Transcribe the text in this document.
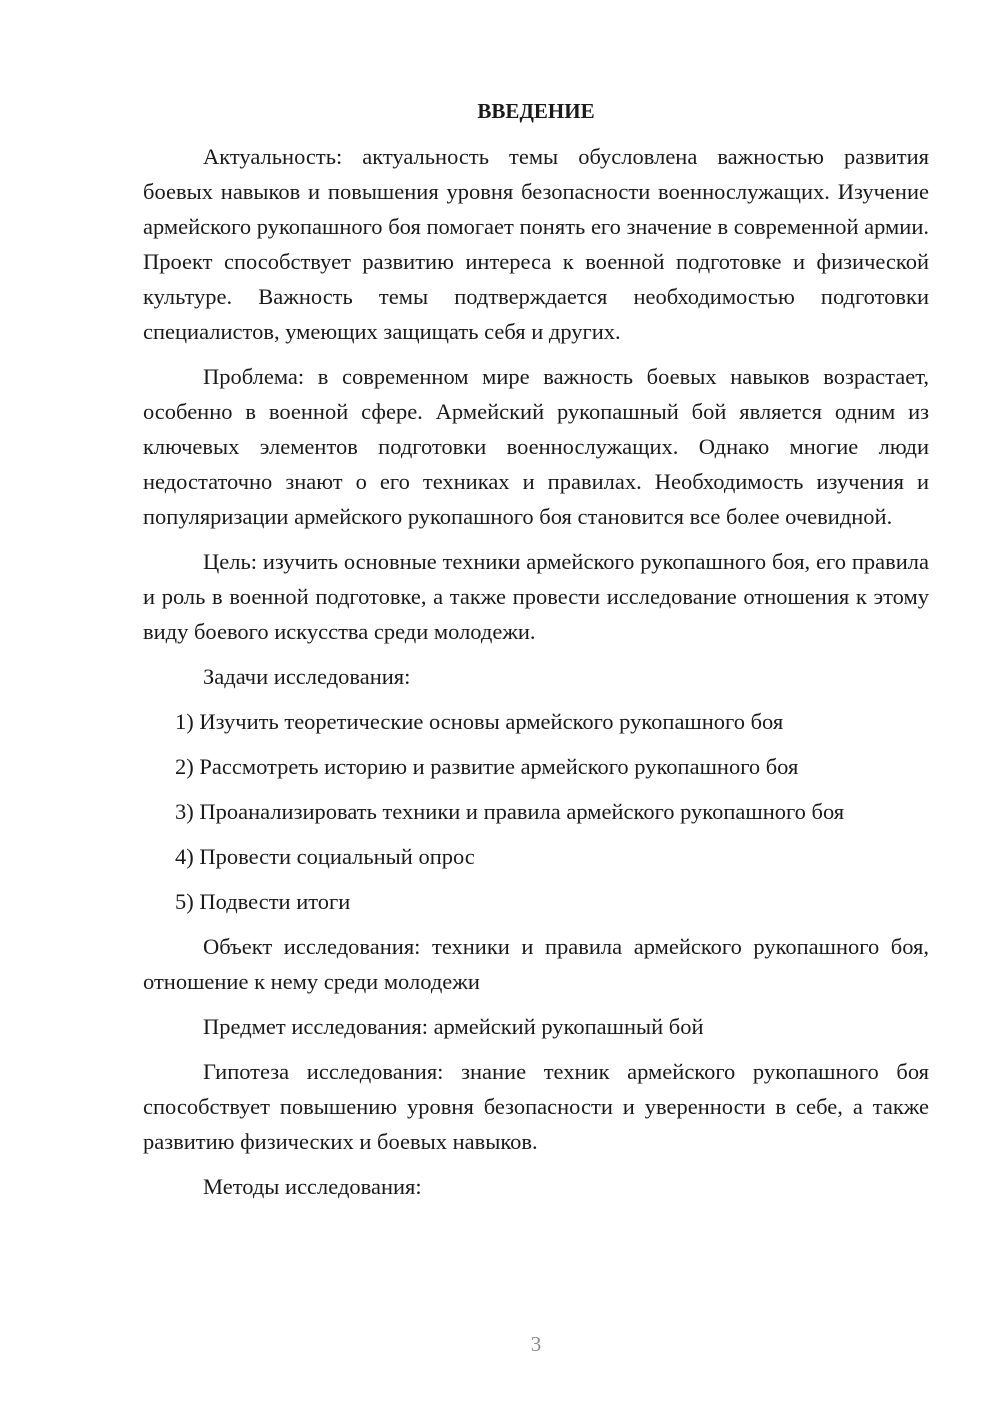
ВВЕДЕНИЕ

Актуальность: актуальность темы обусловлена важностью развития боевых навыков и повышения уровня безопасности военнослужащих. Изучение армейского рукопашного боя помогает понять его значение в современной армии. Проект способствует развитию интереса к военной подготовке и физической культуре. Важность темы подтверждается необходимостью подготовки специалистов, умеющих защищать себя и других.

Проблема: в современном мире важность боевых навыков возрастает, особенно в военной сфере. Армейский рукопашный бой является одним из ключевых элементов подготовки военнослужащих. Однако многие люди недостаточно знают о его техниках и правилах. Необходимость изучения и популяризации армейского рукопашного боя становится все более очевидной.

Цель: изучить основные техники армейского рукопашного боя, его правила и роль в военной подготовке, а также провести исследование отношения к этому виду боевого искусства среди молодежи.

Задачи исследования:

1) Изучить теоретические основы армейского рукопашного боя
2) Рассмотреть историю и развитие армейского рукопашного боя
3) Проанализировать техники и правила армейского рукопашного боя
4) Провести социальный опрос
5) Подвести итоги

Объект исследования: техники и правила армейского рукопашного боя, отношение к нему среди молодежи

Предмет исследования: армейский рукопашный бой

Гипотеза исследования: знание техник армейского рукопашного боя способствует повышению уровня безопасности и уверенности в себе, а также развитию физических и боевых навыков.

Методы исследования:

3
